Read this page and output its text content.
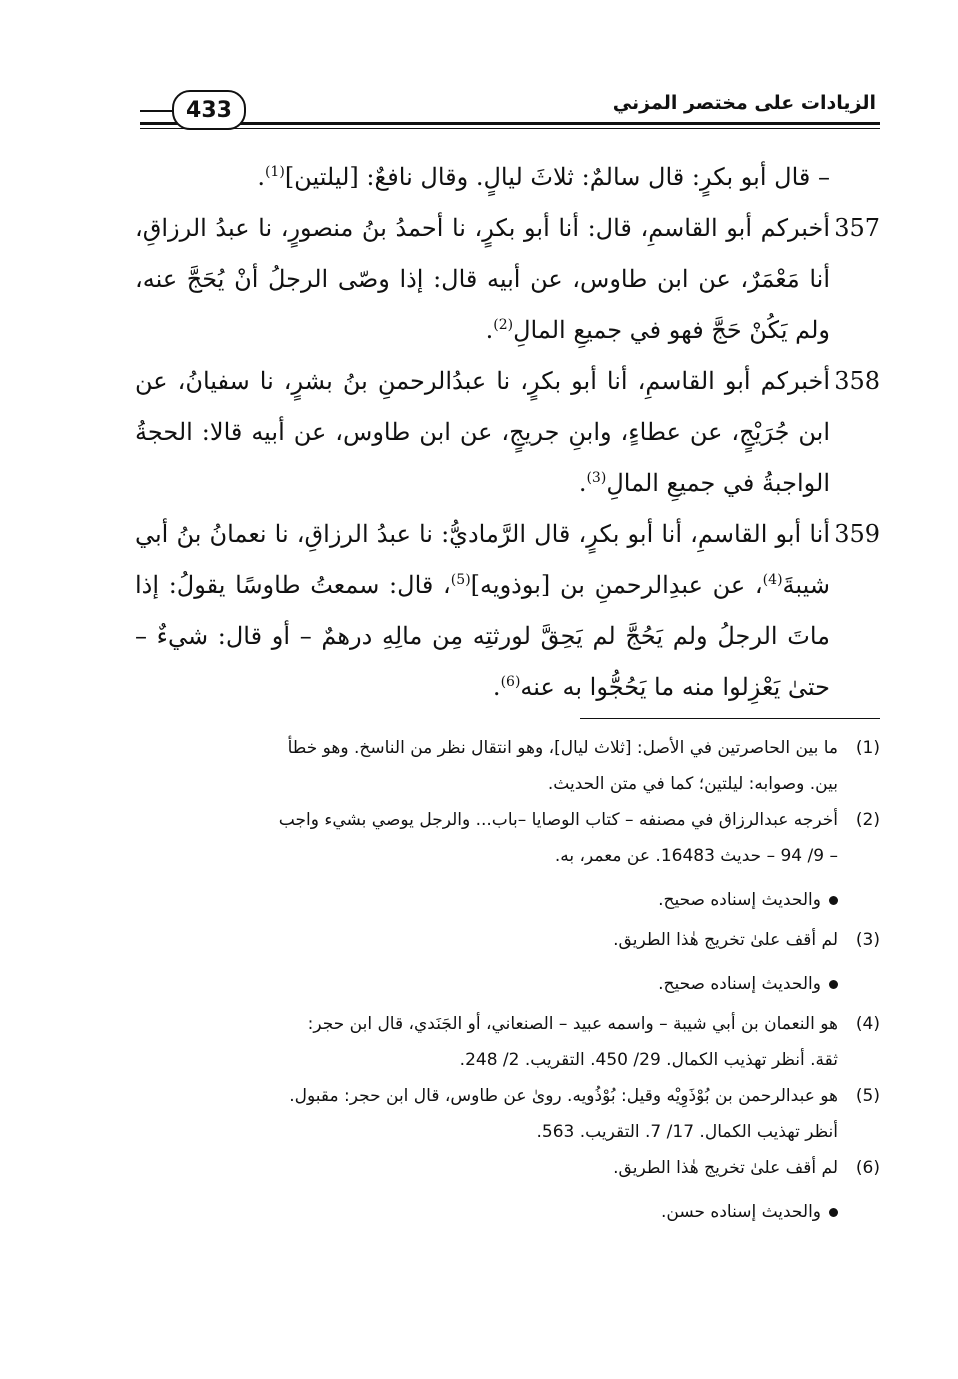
433	الزيادات على مختصر المزني

– قال أبو بكرٍ: قال سالمٌ: ثلاثَ ليالٍ. وقال نافعٌ: [ليلتين]$^{(1)}$.

357

أخبركم أبو القاسمِ، قال: أنا أبو بكرٍ، نا أحمدُ بنُ منصورٍ، نا عبدُ الرزاقِ، أنا مَعْمَرٌ، عن ابن طاوس، عن أبيه قال: إذا وصّى الرجلُ أنْ يُحَجَّ عنه، ولم يَكُنْ حَجَّ فهو في جميعِ المالِ$^{(2)}$.

358

أخبركم أبو القاسمِ، أنا أبو بكرٍ، نا عبدُالرحمنِ بنُ بشرٍ، نا سفيانُ، عن ابن جُرَيْجٍ، عن عطاءٍ، وابنِ جريجٍ، عن ابن طاوس، عن أبيه قالا: الحجةُ الواجبةُ في جميعِ المالِ$^{(3)}$.

359

أنا أبو القاسمِ، أنا أبو بكرٍ، قال الرَّماديُّ: نا عبدُ الرزاقِ، نا نعمانُ بنُ أبي شيبةَ$^{(4)}$، عن عبدِالرحمنِ بن [بوذويه]$^{(5)}$، قال: سمعتُ طاوسًا يقولُ: إذا ماتَ الرجلُ ولم يَحُجَّ لم يَحِقَّ لورثتِه مِن مالِهِ درهمٌ – أو قال: شيءٌ – حتىٰ يَعْزِلوا منه ما يَحُجُّوا به عنه$^{(6)}$.

(1)

ما بين الحاصرتين في الأصل: [ثلاث ليال]، وهو انتقال نظر من الناسخ. وهو خطأ

بين. وصوابه: ليلتين؛ كما في متن الحديث.

(2)

أخرجه عبدالرزاق في مصنفه – كتاب الوصايا –باب... والرجل يوصي بشيء واجب

– 9/ 94 – حديث 16483. عن معمر، به.

والحديث إسناده صحيح.

(3)

لم أقف علىٰ تخريج هٰذا الطريق.

والحديث إسناده صحيح.

(4)

هو النعمان بن أبي شيبة – واسمه عبيد – الصنعاني، أو الجَنَدي، قال ابن حجر:

ثقة. أنظر تهذيب الكمال. 29/ 450. التقريب. 2/ 248.

(5)

هو عبدالرحمن بن بُوْذَوِيْه وقيل: بُوْذُويه. روىٰ عن طاوس، قال ابن حجر: مقبول.

أنظر تهذيب الكمال. 17/ 7. التقريب. 563.

(6)

لم أقف علىٰ تخريج هٰذا الطريق.

والحديث إسناده حسن.
